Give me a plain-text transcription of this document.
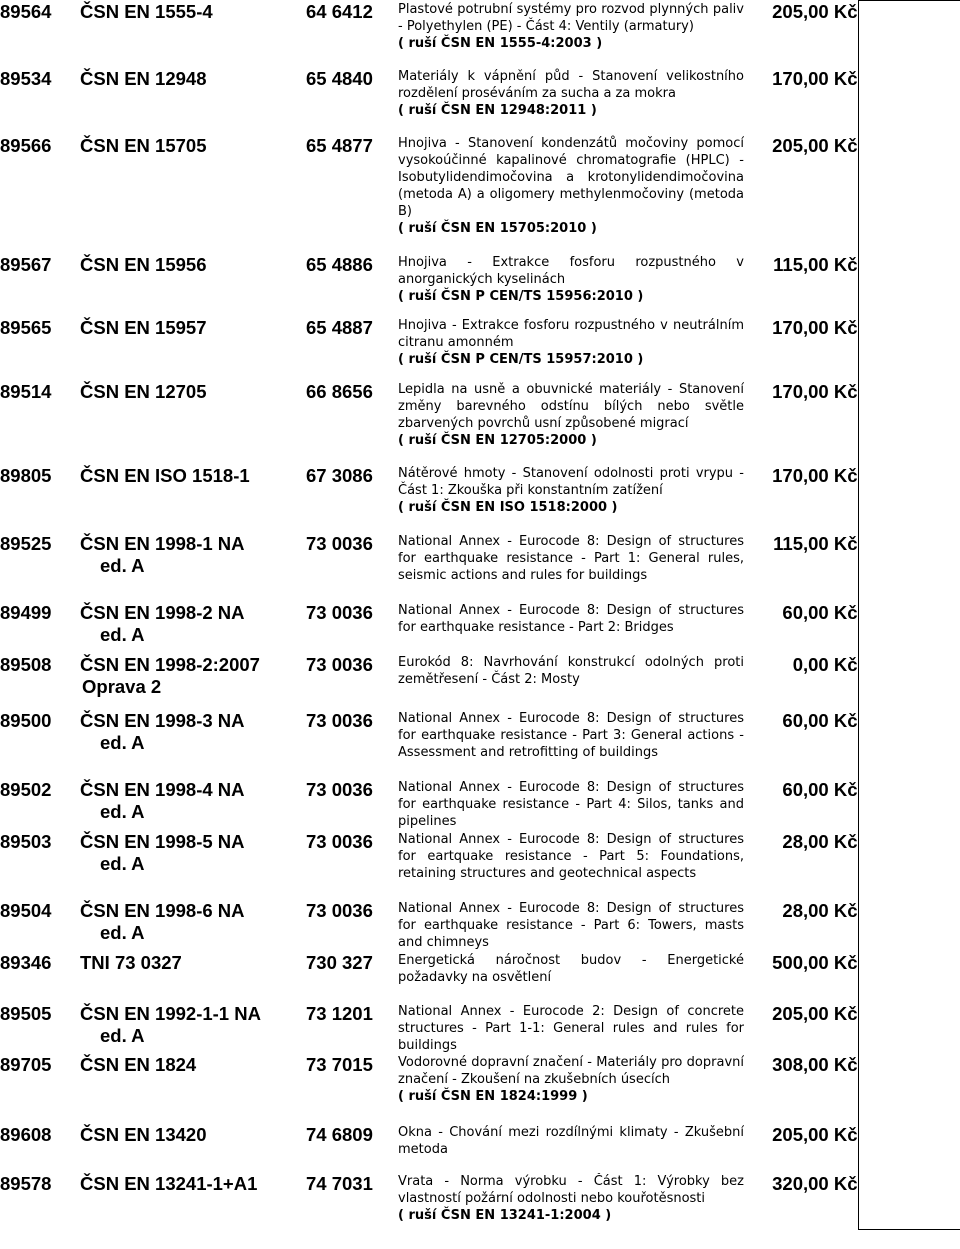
89564	ČSN EN 1555-4	64 6412	Plastové potrubní systémy pro rozvod plynných paliv - Polyethylen (PE) - Část 4: Ventily (armatury)
( ruší ČSN EN 1555-4:2003 )	205,00 Kč	
89534	ČSN EN 12948	65 4840	Materiály k vápnění půd - Stanovení velikostního rozdělení proséváním za sucha a za mokra
( ruší ČSN EN 12948:2011 )	170,00 Kč	
89566	ČSN EN 15705	65 4877	Hnojiva - Stanovení kondenzátů močoviny pomocí vysokoúčinné kapalinové chromatografie (HPLC) - Isobutylidendimočovina a krotonylidendimočovina (metoda A) a oligomery methylenmočoviny (metoda B)
( ruší ČSN EN 15705:2010 )	205,00 Kč	
89567	ČSN EN 15956	65 4886	Hnojiva - Extrakce fosforu rozpustného v anorganických kyselinách
( ruší ČSN P CEN/TS 15956:2010 )	115,00 Kč	
89565	ČSN EN 15957	65 4887	Hnojiva - Extrakce fosforu rozpustného v neutrálním citranu amonném
( ruší ČSN P CEN/TS 15957:2010 )	170,00 Kč	
89514	ČSN EN 12705	66 8656	Lepidla na usně a obuvnické materiály - Stanovení změny barevného odstínu bílých nebo světle zbarvených povrchů usní způsobené migrací
( ruší ČSN EN 12705:2000 )	170,00 Kč	
89805	ČSN EN ISO 1518-1	67 3086	Nátěrové hmoty - Stanovení odolnosti proti vrypu - Část 1: Zkouška při konstantním zatížení
( ruší ČSN EN ISO 1518:2000 )	170,00 Kč	
89525	ČSN EN 1998-1 NA
ed. A	73 0036	National Annex - Eurocode 8: Design of structures for earthquake resistance - Part 1: General rules, seismic actions and rules for buildings	115,00 Kč	
89499	ČSN EN 1998-2 NA
ed. A	73 0036	National Annex - Eurocode 8: Design of structures for earthquake resistance - Part 2: Bridges	60,00 Kč	
89508	ČSN EN 1998-2:2007
Oprava 2	73 0036	Eurokód 8: Navrhování konstrukcí odolných proti zemětřesení - Část 2: Mosty	0,00 Kč	
89500	ČSN EN 1998-3 NA
ed. A	73 0036	National Annex - Eurocode 8: Design of structures for earthquake resistance - Part 3: General actions - Assessment and retrofitting of buildings	60,00 Kč	
89502	ČSN EN 1998-4 NA
ed. A	73 0036	National Annex - Eurocode 8: Design of structures for earthquake resistance - Part 4: Silos, tanks and pipelines	60,00 Kč	
89503	ČSN EN 1998-5 NA
ed. A	73 0036	National Annex - Eurocode 8: Design of structures for eartquake resistance - Part 5: Foundations, retaining structures and geotechnical aspects	28,00 Kč	
89504	ČSN EN 1998-6 NA
ed. A	73 0036	National Annex - Eurocode 8: Design of structures for earthquake resistance - Part 6: Towers, masts and chimneys	28,00 Kč	
89346	TNI 73 0327	730 327	Energetická náročnost budov - Energetické požadavky na osvětlení	500,00 Kč	
89505	ČSN EN 1992-1-1 NA
ed. A	73 1201	National Annex - Eurocode 2: Design of concrete structures - Part 1-1: General rules and rules for buildings	205,00 Kč	
89705	ČSN EN 1824	73 7015	Vodorovné dopravní značení - Materiály pro dopravní značení - Zkoušení na zkušebních úsecích
( ruší ČSN EN 1824:1999 )	308,00 Kč	
89608	ČSN EN 13420	74 6809	Okna - Chování mezi rozdílnými klimaty - Zkušební metoda	205,00 Kč	
89578	ČSN EN 13241-1+A1	74 7031	Vrata - Norma výrobku - Část 1: Výrobky bez vlastností požární odolnosti nebo kouřotěsnosti
( ruší ČSN EN 13241-1:2004 )	320,00 Kč	
